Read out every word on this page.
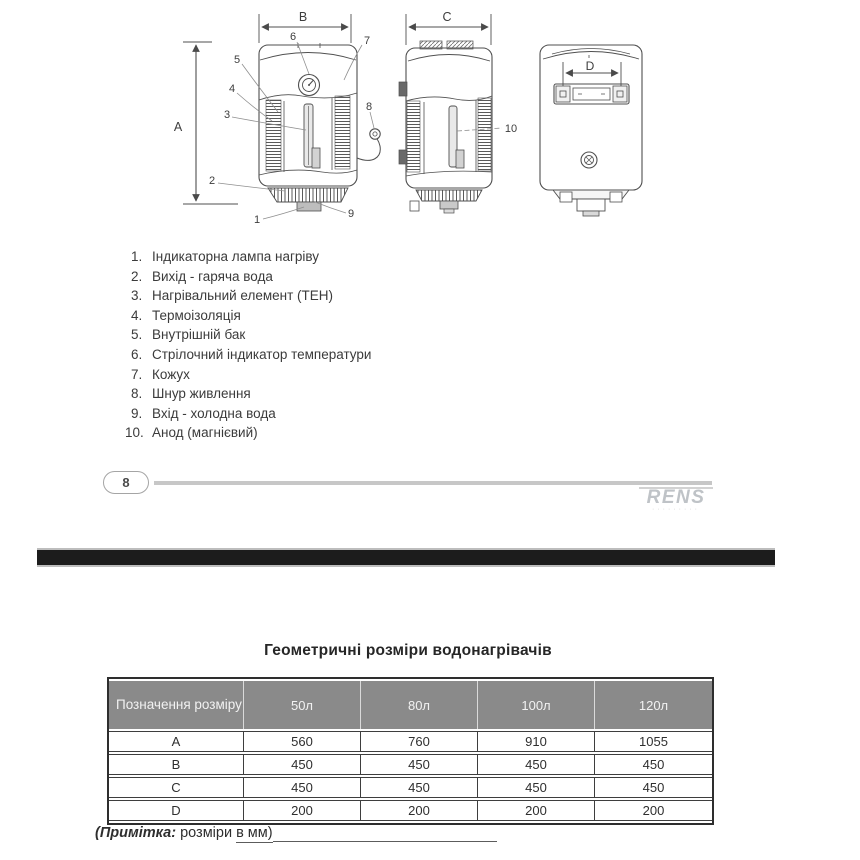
A
B
6	7
5
4
3
2
1	9
8
C
10
D
1. Індикаторна лампа нагріву
2. Вихід - гаряча вода
3. Нагрівальний елемент (ТЕН)
4. Термоізоляція
5. Внутрішній бак
6. Стрілочний індикатор температури
7. Кожух
8. Шнур живлення
9. Вхід - холодна вода
10. Анод (магнієвий)
8
RENS
·········
Геометричні розміри водонагрівачів
Позначення розміру	50л	80л	100л	120л
A	560	760	910	1055
B	450	450	450	450
C	450	450	450	450
D	200	200	200	200
(Примітка: розміри в мм)
